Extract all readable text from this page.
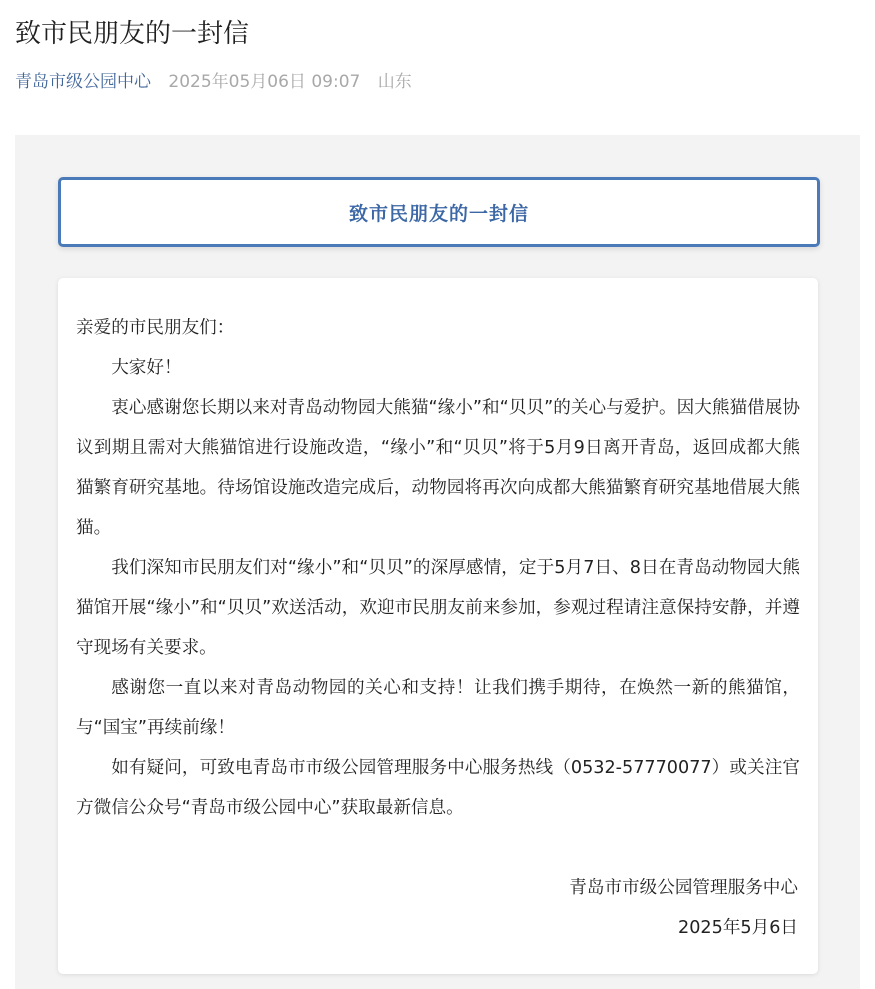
致市民朋友的一封信
青岛市级公园中心 2025年05月06日 09:07 山东
致市民朋友的一封信

亲爱的市民朋友们：

大家好！

衷心感谢您长期以来对青岛动物园大熊猫“缘小”和“贝贝”的关心与爱护。因大熊猫借展协议到期且需对大熊猫馆进行设施改造，“缘小”和“贝贝”将于5月9日离开青岛，返回成都大熊猫繁育研究基地。待场馆设施改造完成后，动物园将再次向成都大熊猫繁育研究基地借展大熊猫。

我们深知市民朋友们对“缘小”和“贝贝”的深厚感情，定于5月7日、8日在青岛动物园大熊猫馆开展“缘小”和“贝贝”欢送活动，欢迎市民朋友前来参加，参观过程请注意保持安静，并遵守现场有关要求。

感谢您一直以来对青岛动物园的关心和支持！让我们携手期待，在焕然一新的熊猫馆，与“国宝”再续前缘！

如有疑问，可致电青岛市市级公园管理服务中心服务热线（0532-57770077）或关注官方微信公众号“青岛市级公园中心”获取最新信息。

青岛市市级公园管理服务中心

2025年5月6日
